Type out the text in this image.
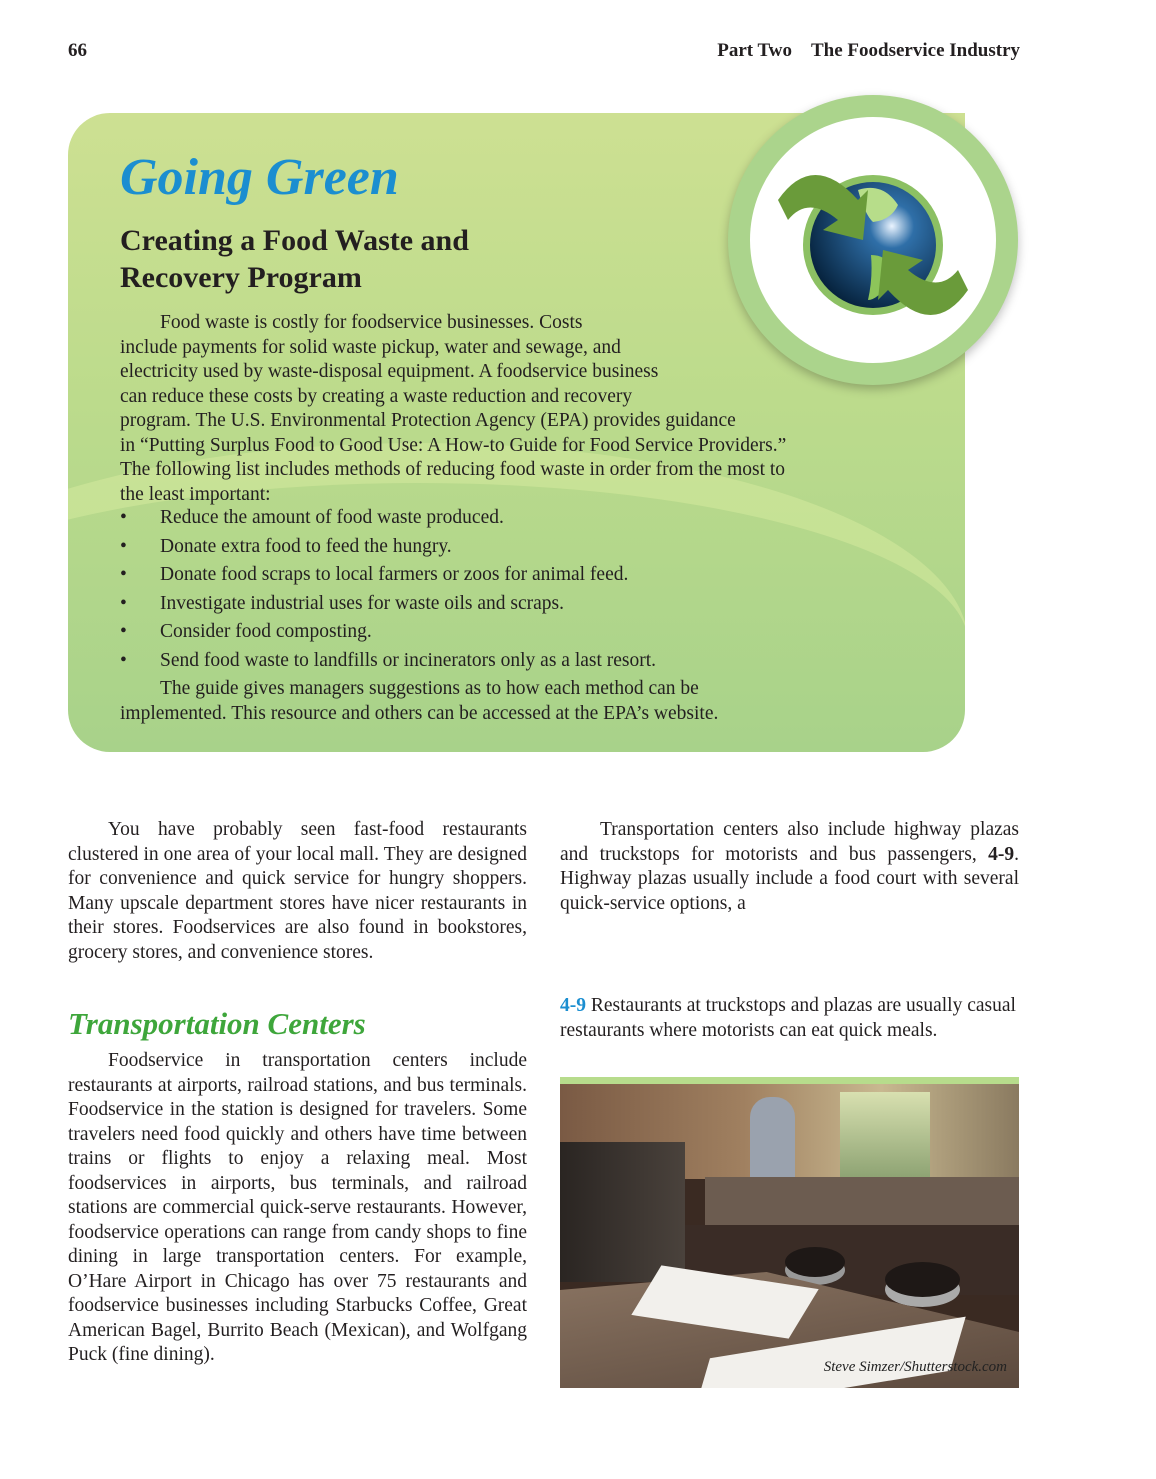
66	Part Two The Foodservice Industry
Going Green
Creating a Food Waste and
Recovery Program
Food waste is costly for foodservice businesses. Costs
include payments for solid waste pickup, water and sewage, and
electricity used by waste-disposal equipment. A foodservice business
can reduce these costs by creating a waste reduction and recovery
program. The U.S. Environmental Protection Agency (EPA) provides guidance
in “Putting Surplus Food to Good Use: A How-to Guide for Food Service Providers.”
The following list includes methods of reducing food waste in order from the most to
the least important:
• Reduce the amount of food waste produced.
• Donate extra food to feed the hungry.
• Donate food scraps to local farmers or zoos for animal feed.
• Investigate industrial uses for waste oils and scraps.
• Consider food composting.
• Send food waste to landfills or incinerators only as a last resort.
The guide gives managers suggestions as to how each method can be
implemented. This resource and others can be accessed at the EPA’s website.

You have probably seen fast-food restaurants clustered in one area of your local mall. They are designed for convenience and quick service for hungry shoppers. Many upscale department stores have nicer restaurants in their stores. Foodservices are also found in bookstores, grocery stores, and convenience stores.

Transportation Centers

Foodservice in transportation centers include restaurants at airports, railroad stations, and bus terminals. Foodservice in the station is designed for travelers. Some travelers need food quickly and others have time between trains or flights to enjoy a relaxing meal. Most foodservices in airports, bus terminals, and railroad stations are commercial quick-serve restaurants. However, foodservice operations can range from candy shops to fine dining in large transportation centers. For example, O’Hare Airport in Chicago has over 75 restaurants and foodservice businesses including Starbucks Coffee, Great American Bagel, Burrito Beach (Mexican), and Wolfgang Puck (fine dining).

Transportation centers also include highway plazas and truckstops for motorists and bus passengers, 4-9. Highway plazas usually include a food court with several quick-service options, a

4-9 Restaurants at truckstops and plazas are usually casual restaurants where motorists can eat quick meals.
Steve Simzer/Shutterstock.com
